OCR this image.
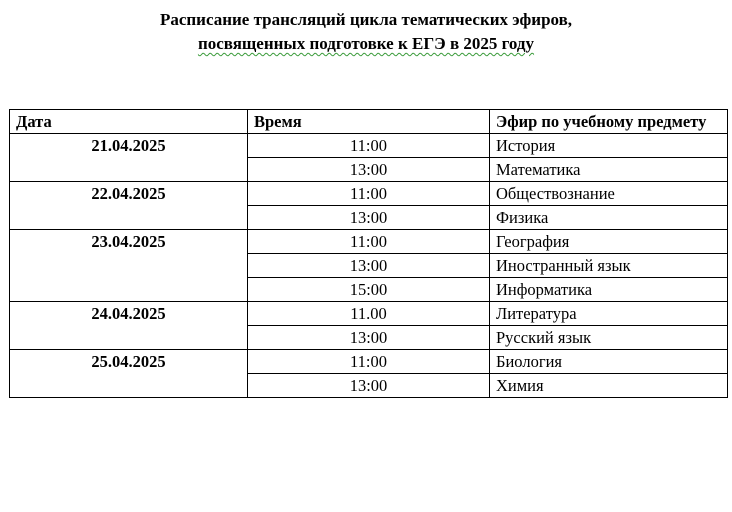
Расписание трансляций цикла тематических эфиров,
посвященных подготовке к ЕГЭ в 2025 году
Дата	Время	Эфир по учебному предмету
21.04.2025	11:00	История
	13:00	Математика

22.04.2025	11:00	Обществознание
	13:00	Физика

23.04.2025	11:00	География
	13:00	Иностранный язык
	15:00	Информатика

24.04.2025	11.00	Литература
	13:00	Русский язык
25.04.2025	11:00	Биология
	13:00	Химия
